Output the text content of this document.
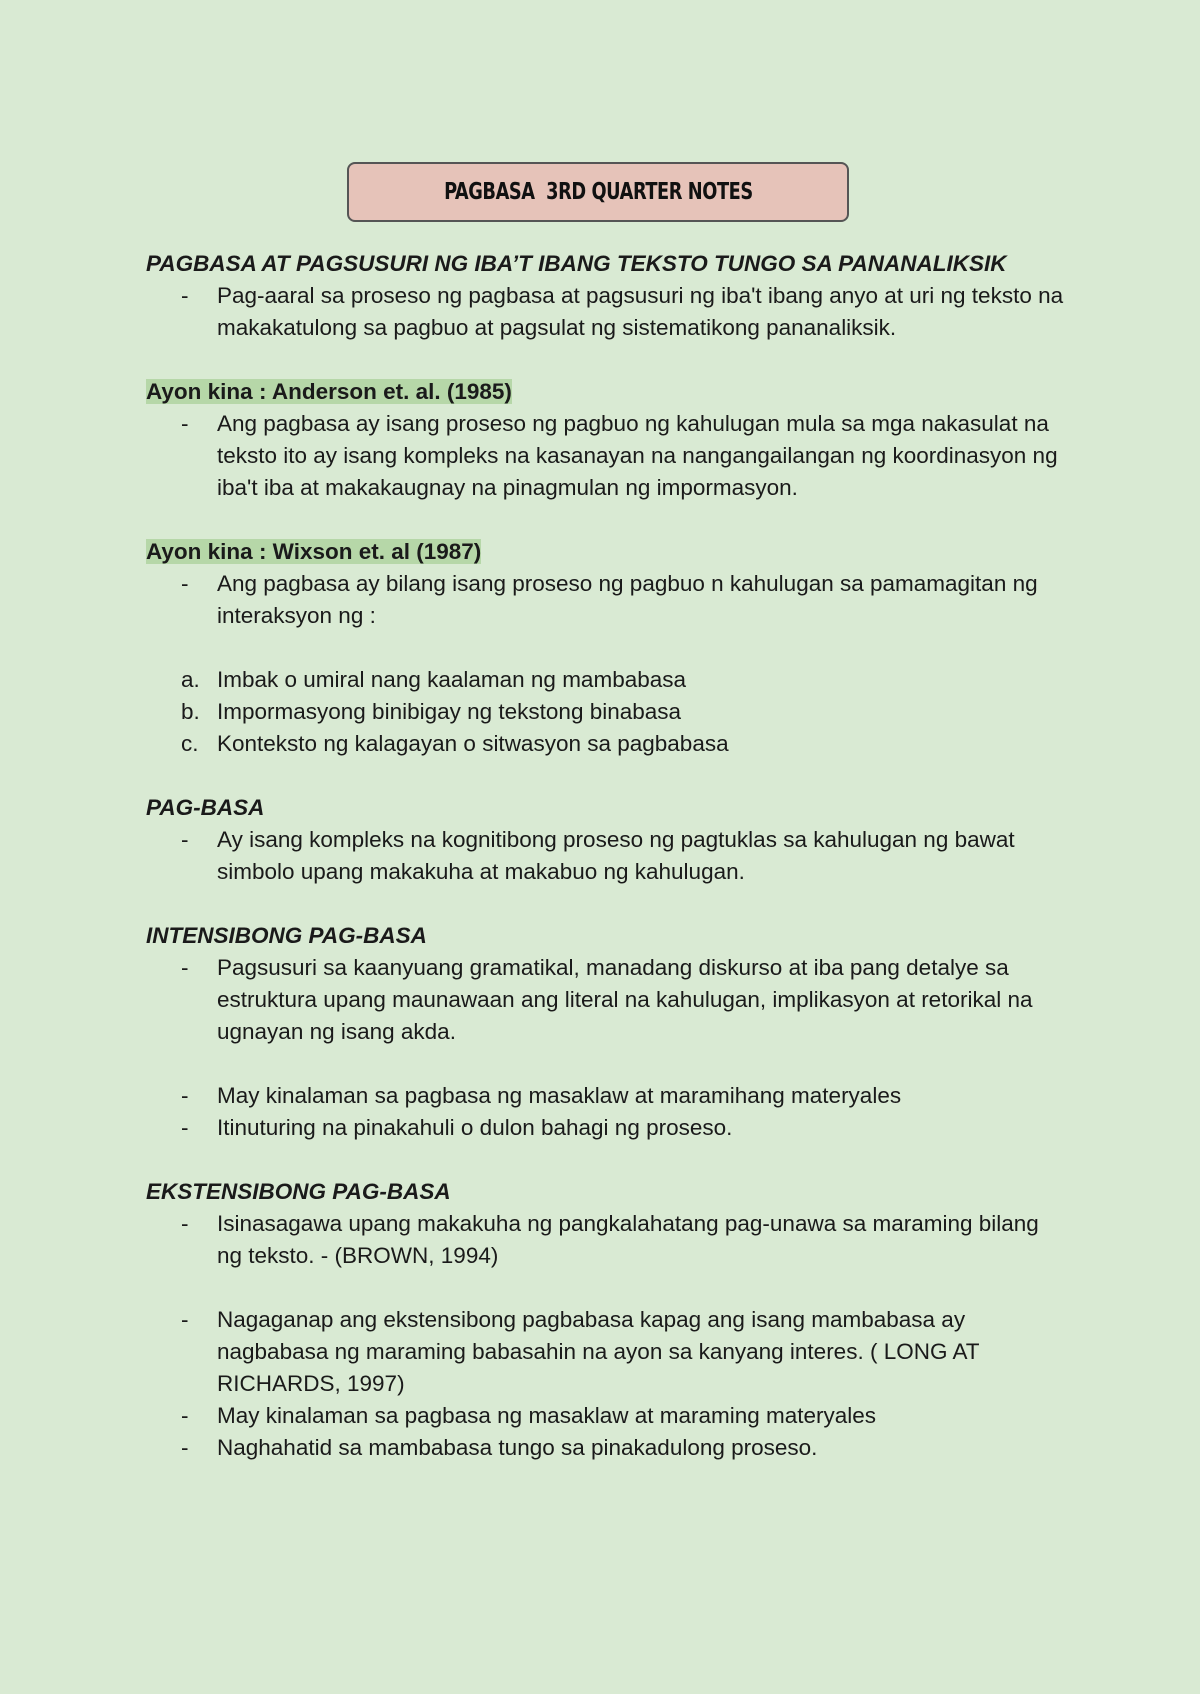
PAGBASA  3RD QUARTER NOTES

PAGBASA AT PAGSUSURI NG IBA’T IBANG TEKSTO TUNGO SA PANANALIKSIK

- Pag-aaral sa proseso ng pagbasa at pagsusuri ng iba't ibang anyo at uri ng teksto na makakatulong sa pagbuo at pagsulat ng sistematikong pananaliksik.

Ayon kina : Anderson et. al. (1985)

- Ang pagbasa ay isang proseso ng pagbuo ng kahulugan mula sa mga nakasulat na teksto ito ay isang kompleks na kasanayan na nangangailangan ng koordinasyon ng iba't iba at makakaugnay na pinagmulan ng impormasyon.

Ayon kina : Wixson et. al (1987)

- Ang pagbasa ay bilang isang proseso ng pagbuo n kahulugan sa pamamagitan ng interaksyon ng :

a. Imbak o umiral nang kaalaman ng mambabasa

b. Impormasyong binibigay ng tekstong binabasa

c. Konteksto ng kalagayan o sitwasyon sa pagbabasa

PAG-BASA

- Ay isang kompleks na kognitibong proseso ng pagtuklas sa kahulugan ng bawat simbolo upang makakuha at makabuo ng kahulugan.

INTENSIBONG PAG-BASA

- Pagsusuri sa kaanyuang gramatikal, manadang diskurso at iba pang detalye sa estruktura upang maunawaan ang literal na kahulugan, implikasyon at retorikal na ugnayan ng isang akda.

- May kinalaman sa pagbasa ng masaklaw at maramihang materyales

- Itinuturing na pinakahuli o dulon bahagi ng proseso.

EKSTENSIBONG PAG-BASA

- Isinasagawa upang makakuha ng pangkalahatang pag-unawa sa maraming bilang ng teksto. - (BROWN, 1994)

- Nagaganap ang ekstensibong pagbabasa kapag ang isang mambabasa ay nagbabasa ng maraming babasahin na ayon sa kanyang interes. ( LONG AT RICHARDS, 1997)

- May kinalaman sa pagbasa ng masaklaw at maraming materyales

- Naghahatid sa mambabasa tungo sa pinakadulong proseso.
